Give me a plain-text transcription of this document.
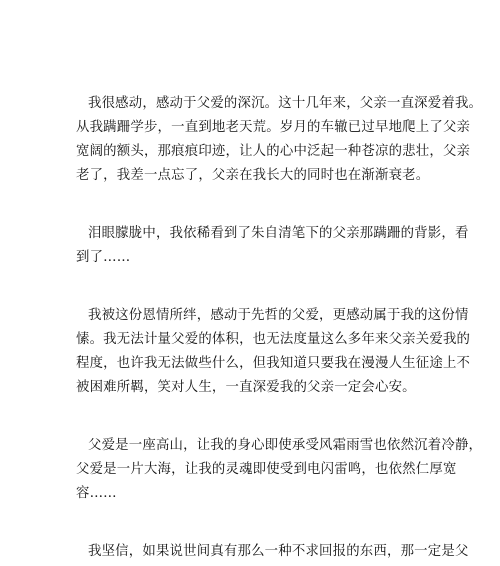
我很感动，感动于父爱的深沉。这十几年来，父亲一直深爱着我。
从我蹒跚学步，一直到地老天荒。岁月的车辙已过早地爬上了父亲
宽阔的额头，那痕痕印迹，让人的心中泛起一种苍凉的悲壮，父亲
老了，我差一点忘了，父亲在我长大的同时也在渐渐衰老。

泪眼朦胧中，我依稀看到了朱自清笔下的父亲那蹒跚的背影，看
到了……

我被这份恩情所绊，感动于先哲的父爱，更感动属于我的这份情
愫。我无法计量父爱的体积，也无法度量这么多年来父亲关爱我的
程度，也许我无法做些什么，但我知道只要我在漫漫人生征途上不
被困难所羁，笑对人生，一直深爱我的父亲一定会心安。

父爱是一座高山，让我的身心即使承受风霜雨雪也依然沉着冷静，
父爱是一片大海，让我的灵魂即使受到电闪雷鸣，也依然仁厚宽
容……

我坚信，如果说世间真有那么一种不求回报的东西，那一定是父
